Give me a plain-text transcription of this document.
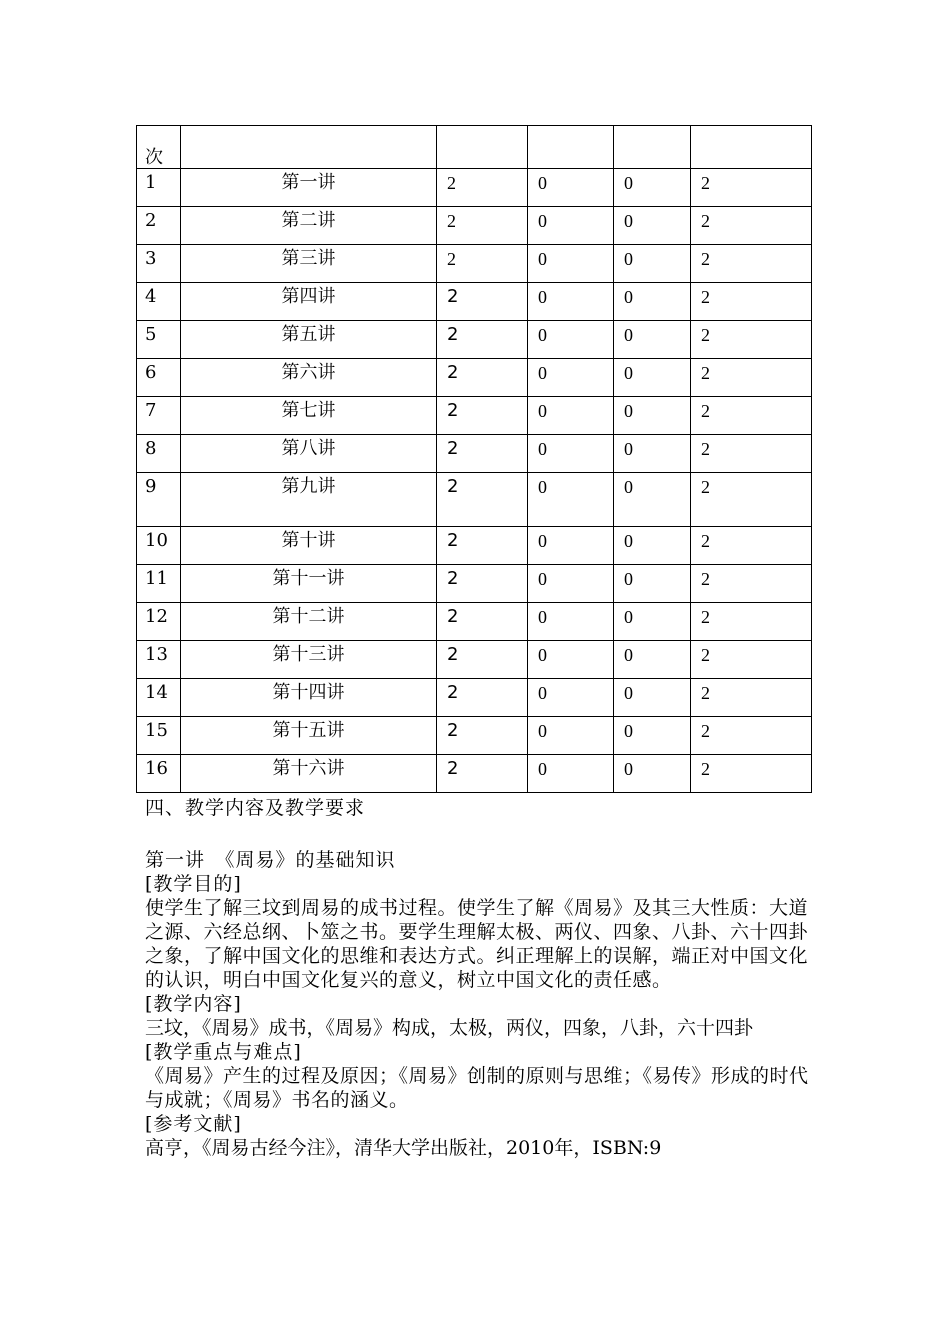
次					
1	第一讲	2	0	0	2
2	第二讲	2	0	0	2
3	第三讲	2	0	0	2
4	第四讲	2	0	0	2
5	第五讲	2	0	0	2
6	第六讲	2	0	0	2
7	第七讲	2	0	0	2
8	第八讲	2	0	0	2
9	第九讲	2	0	0	2
10	第十讲	2	0	0	2
11	第十一讲	2	0	0	2
12	第十二讲	2	0	0	2
13	第十三讲	2	0	0	2
14	第十四讲	2	0	0	2
15	第十五讲	2	0	0	2
16	第十六讲	2	0	0	2
四、教学内容及教学要求
第一讲　《周易》的基础知识
[教学目的]
使学生了解三坟到周易的成书过程。使学生了解《周易》及其三大性质：大道之源、六经总纲、卜筮之书。要学生理解太极、两仪、四象、八卦、六十四卦之象，了解中国文化的思维和表达方式。纠正理解上的误解，端正对中国文化的认识，明白中国文化复兴的意义，树立中国文化的责任感。
[教学内容]
三坟，《周易》成书，《周易》构成，太极，两仪，四象，八卦，六十四卦
[教学重点与难点]
《周易》产生的过程及原因；《周易》创制的原则与思维；《易传》形成的时代与成就；《周易》书名的涵义。
[参考文献]
高亨，《周易古经今注》，清华大学出版社，2010年，ISBN:9
